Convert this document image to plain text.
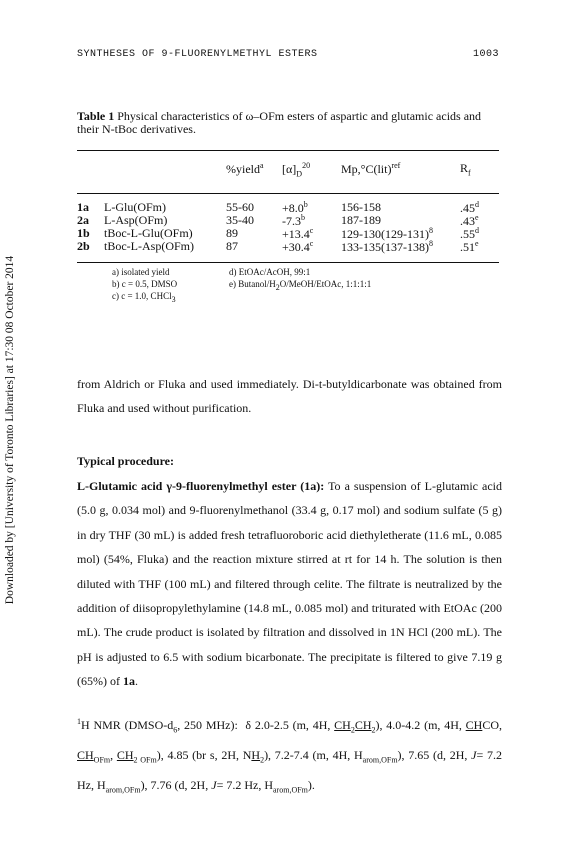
Downloaded by [University of Toronto Libraries] at 17:30 08 October 2014
SYNTHESES OF 9-FLUORENYLMETHYL ESTERS	1003
Table 1 Physical characteristics of ω–OFm esters of aspartic and glutamic acids and their N-tBoc derivatives.
%yield$^a$ $[\alpha]_D^{20}$	Mp,°C(lit)$^{ref}$	$R_f$
1a L-Glu(OFm)	55-60 +8.0$^b$	156-158	.45$^d$
2a L-Asp(OFm)	35-40 -7.3$^b$	187-189	.43e
1b tBoc-L-Glu(OFm)	89	+13.4$^c$ $129-130(129-131)^8$ .55$^d$
2b tBoc-L-Asp(OFm)	87	+30.4$^c$ $133-135(137-138)^8$ .51e
a) isolated yield
b) c = 0.5, DMSO
c) c = 1.0, CHCl$_3$
d) EtOAc/AcOH, 99:1
e) Butanol/$H_2O/MeOH$/EtOAc, 1:1:1:1
from Aldrich or Fluka and used immediately. Di-t-butyldicarbonate was obtained from Fluka and used without purification.
Typical procedure:
L-Glutamic acid γ-9-fluorenylmethyl ester (1a): To a suspension of L-glutamic acid (5.0 g, 0.034 mol) and 9-fluorenylmethanol (33.4 g, 0.17 mol) and sodium sulfate (5 g) in dry THF (30 mL) is added fresh tetrafluoroboric acid diethyletherate (11.6 mL, 0.085 mol) (54%, Fluka) and the reaction mixture stirred at rt for 14 h. The solution is then diluted with THF (100 mL) and filtered through celite. The filtrate is neutralized by the addition of diisopropylethylamine (14.8 mL, 0.085 mol) and triturated with EtOAc (200 mL). The crude product is isolated by filtration and dissolved in 1N HCl (200 mL). The pH is adjusted to 6.5 with sodium bicarbonate. The precipitate is filtered to give 7.19 g (65%) of 1a.
$^1$H NMR ($DMSO-d_6$, 250 MHz):  δ 2.0-2.5 (m, 4H, $CH_2CH_2$), 4.0-4.2 (m, 4H, CHCO, $CH_{OFm}$, $CH_{2 OFm}$), 4.85 (br s, 2H, $NH_2$), 7.2-7.4 (m, 4H, $H_{arom,OFm}$), 7.65 (d, 2H, J= 7.2 Hz, $H_{arom,OFm}$), 7.76 (d, 2H, J= 7.2 Hz, $H_{arom,OFm}$).
